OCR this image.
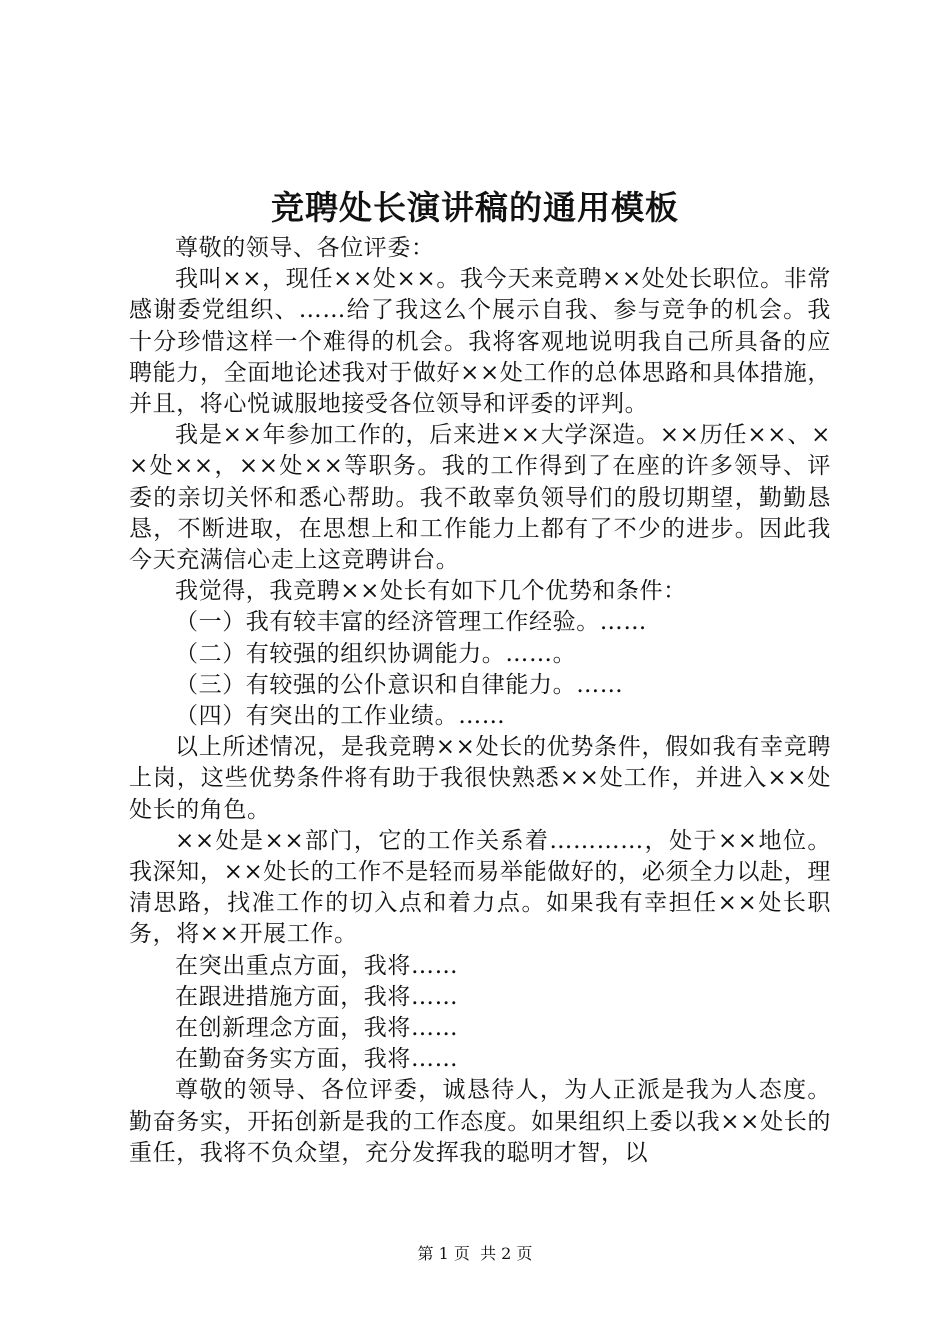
竞聘处长演讲稿的通用模板

尊敬的领导、各位评委：

我叫××，现任××处××。我今天来竞聘××处处长职位。非常感谢委党组织、……给了我这么个展示自我、参与竞争的机会。我十分珍惜这样一个难得的机会。我将客观地说明我自己所具备的应聘能力，全面地论述我对于做好××处工作的总体思路和具体措施，并且，将心悦诚服地接受各位领导和评委的评判。

我是××年参加工作的，后来进××大学深造。××历任××、××处××，××处××等职务。我的工作得到了在座的许多领导、评委的亲切关怀和悉心帮助。我不敢辜负领导们的殷切期望，勤勤恳恳，不断进取，在思想上和工作能力上都有了不少的进步。因此我今天充满信心走上这竞聘讲台。

我觉得，我竞聘××处长有如下几个优势和条件：

（一）我有较丰富的经济管理工作经验。……

（二）有较强的组织协调能力。……。

（三）有较强的公仆意识和自律能力。……

（四）有突出的工作业绩。……

以上所述情况，是我竞聘××处长的优势条件，假如我有幸竞聘上岗，这些优势条件将有助于我很快熟悉××处工作，并进入××处处长的角色。

××处是××部门，它的工作关系着…………，处于××地位。我深知，××处长的工作不是轻而易举能做好的，必须全力以赴，理清思路，找准工作的切入点和着力点。如果我有幸担任××处长职务，将××开展工作。

在突出重点方面，我将……

在跟进措施方面，我将……

在创新理念方面，我将……

在勤奋务实方面，我将……

尊敬的领导、各位评委，诚恳待人，为人正派是我为人态度。勤奋务实，开拓创新是我的工作态度。如果组织上委以我××处长的重任，我将不负众望，充分发挥我的聪明才智，以

第 1 页  共 2 页
